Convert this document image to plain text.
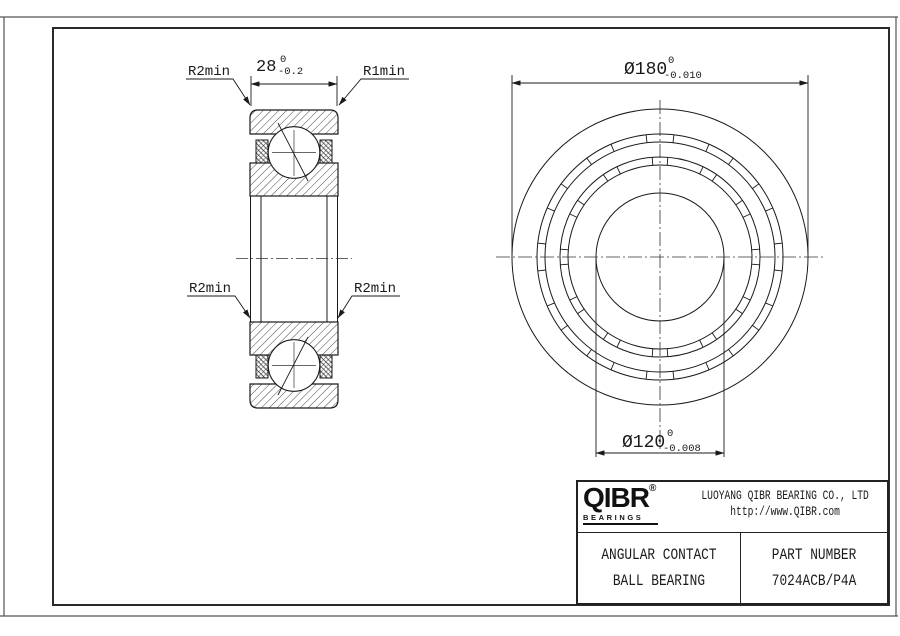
28 0
-0.2
R2min	R1min
R2min	R2min
Ø180 0
-0.010
Ø120 0
-0.008
QIBR®
BEARINGS
LUOYANG QIBR BEARING CO., LTD
http://www.QIBR.com
ANGULAR CONTACT
BALL BEARING
PART NUMBER
7024ACB/P4A
